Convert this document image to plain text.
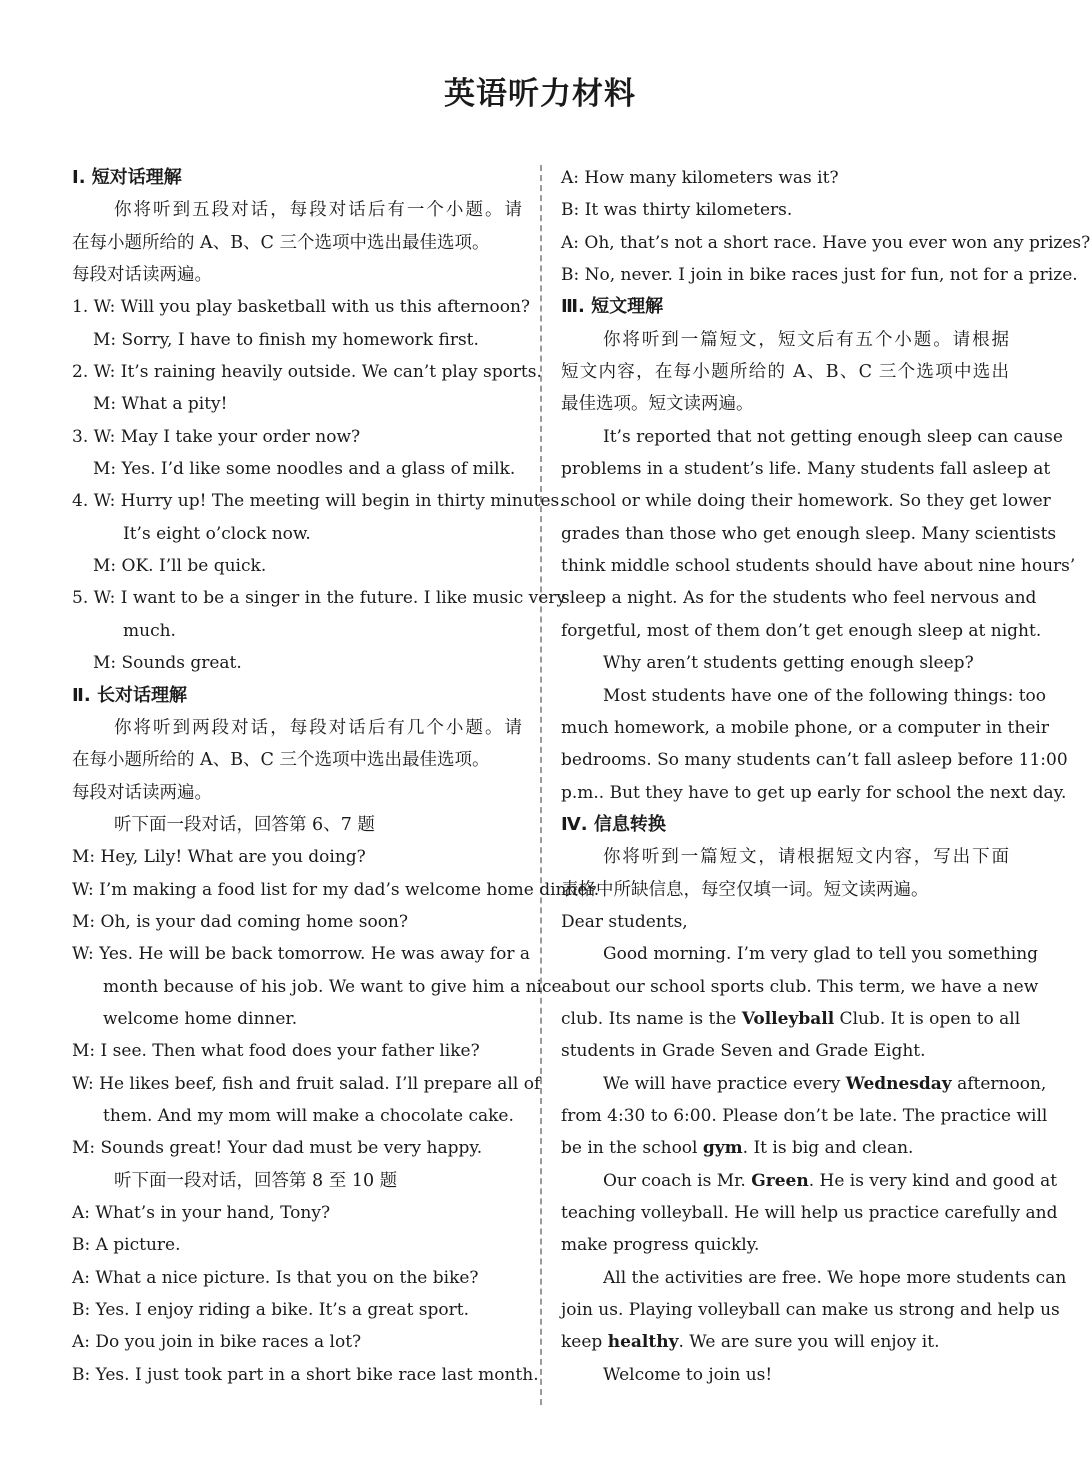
英语听力材料

Ⅰ. 短对话理解

你将听到五段对话，每段对话后有一个小题。请

在每小题所给的 A、B、C 三个选项中选出最佳选项。

每段对话读两遍。

1. W: Will you play basketball with us this afternoon?

M: Sorry, I have to finish my homework first.

2. W: It’s raining heavily outside. We can’t play sports.

M: What a pity!

3. W: May I take your order now?

M: Yes. I’d like some noodles and a glass of milk.

4. W: Hurry up! The meeting will begin in thirty minutes.

It’s eight o’clock now.

M: OK. I’ll be quick.

5. W: I want to be a singer in the future. I like music very

much.

M: Sounds great.

Ⅱ. 长对话理解

你将听到两段对话，每段对话后有几个小题。请

在每小题所给的 A、B、C 三个选项中选出最佳选项。

每段对话读两遍。

听下面一段对话，回答第 6、7 题

M: Hey, Lily! What are you doing?

W: I’m making a food list for my dad’s welcome home dinner.

M: Oh, is your dad coming home soon?

W: Yes. He will be back tomorrow. He was away for a

month because of his job. We want to give him a nice

welcome home dinner.

M: I see. Then what food does your father like?

W: He likes beef, fish and fruit salad. I’ll prepare all of

them. And my mom will make a chocolate cake.

M: Sounds great! Your dad must be very happy.

听下面一段对话，回答第 8 至 10 题

A: What’s in your hand, Tony?

B: A picture.

A: What a nice picture. Is that you on the bike?

B: Yes. I enjoy riding a bike. It’s a great sport.

A: Do you join in bike races a lot?

B: Yes. I just took part in a short bike race last month.

A: How many kilometers was it?

B: It was thirty kilometers.

A: Oh, that’s not a short race. Have you ever won any prizes?

B: No, never. I join in bike races just for fun, not for a prize.

Ⅲ. 短文理解

你将听到一篇短文，短文后有五个小题。请根据

短文内容，在每小题所给的 A、B、C 三个选项中选出

最佳选项。短文读两遍。

It’s reported that not getting enough sleep can cause

problems in a student’s life. Many students fall asleep at

school or while doing their homework. So they get lower

grades than those who get enough sleep. Many scientists

think middle school students should have about nine hours’

sleep a night. As for the students who feel nervous and

forgetful, most of them don’t get enough sleep at night.

Why aren’t students getting enough sleep?

Most students have one of the following things: too

much homework, a mobile phone, or a computer in their

bedrooms. So many students can’t fall asleep before 11:00

p.m.. But they have to get up early for school the next day.

Ⅳ. 信息转换

你将听到一篇短文，请根据短文内容，写出下面

表格中所缺信息，每空仅填一词。短文读两遍。

Dear students,

Good morning. I’m very glad to tell you something

about our school sports club. This term, we have a new

club. Its name is the Volleyball Club. It is open to all

students in Grade Seven and Grade Eight.

We will have practice every Wednesday afternoon,

from 4:30 to 6:00. Please don’t be late. The practice will

be in the school gym. It is big and clean.

Our coach is Mr. Green. He is very kind and good at

teaching volleyball. He will help us practice carefully and

make progress quickly.

All the activities are free. We hope more students can

join us. Playing volleyball can make us strong and help us

keep healthy. We are sure you will enjoy it.

Welcome to join us!
